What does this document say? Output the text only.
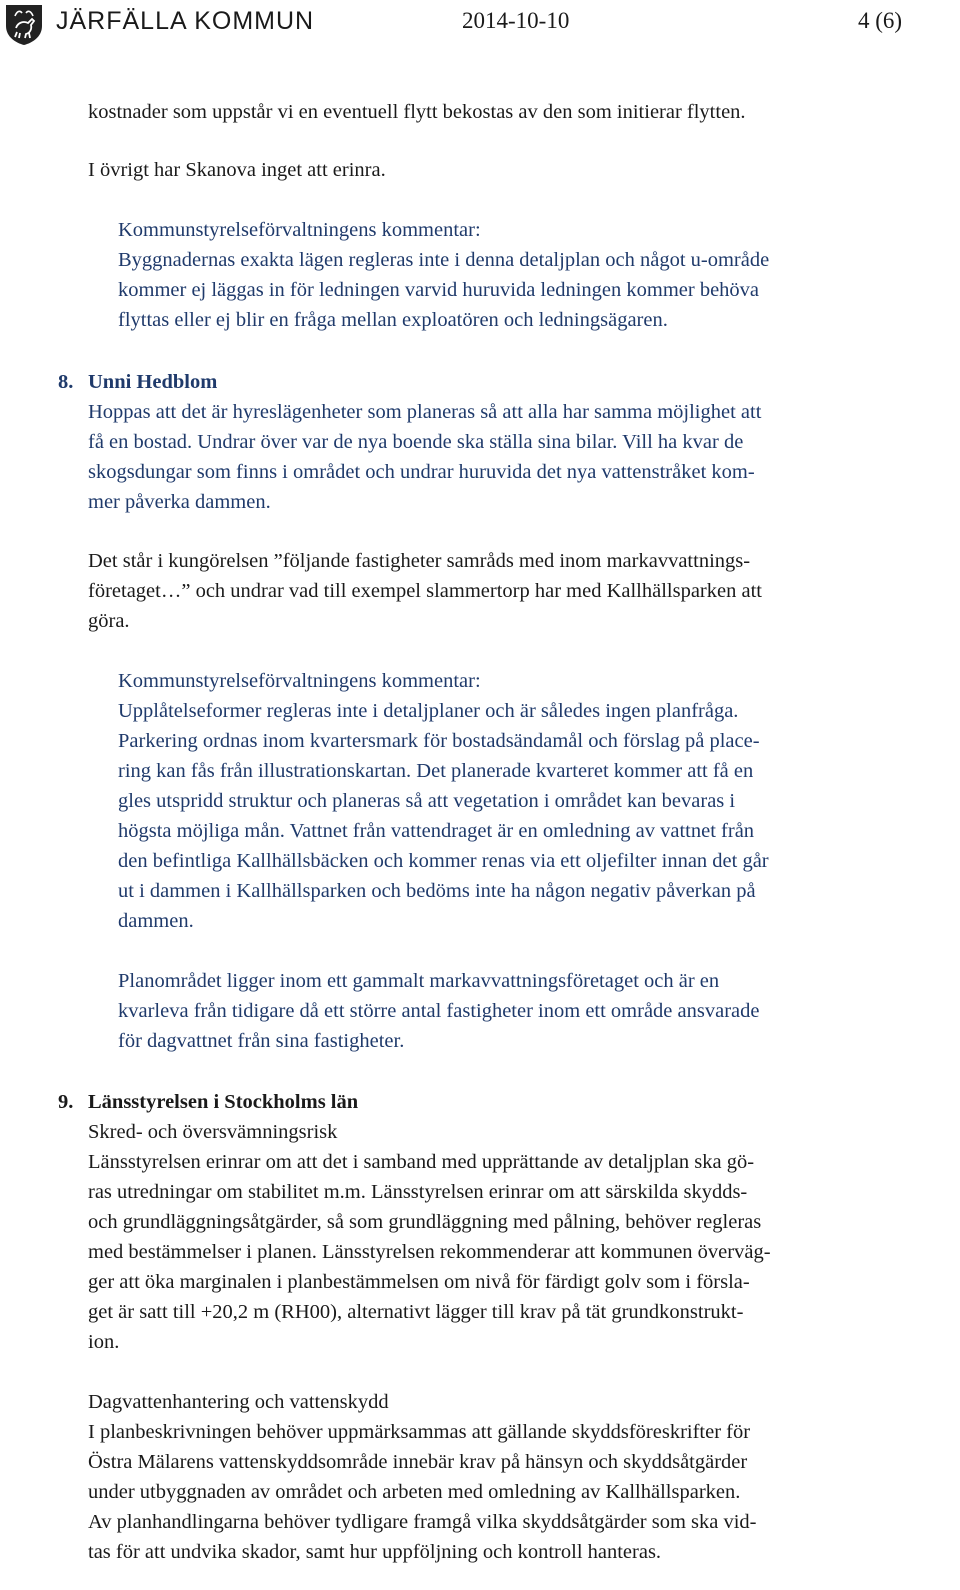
JÄRFÄLLA KOMMUN	2014-10-10	4 (6)
kostnader som uppstår vi en eventuell flytt bekostas av den som initierar flytten.
I övrigt har Skanova inget att erinra.
Kommunstyrelseförvaltningens kommentar:
Byggnadernas exakta lägen regleras inte i denna detaljplan och något u-område
kommer ej läggas in för ledningen varvid huruvida ledningen kommer behöva
flyttas eller ej blir en fråga mellan exploatören och ledningsägaren.
8. Unni Hedblom
Hoppas att det är hyreslägenheter som planeras så att alla har samma möjlighet att
få en bostad. Undrar över var de nya boende ska ställa sina bilar. Vill ha kvar de
skogsdungar som finns i området och undrar huruvida det nya vattenstråket kom-
mer påverka dammen.
Det står i kungörelsen ”följande fastigheter samråds med inom markavvattnings-
företaget…” och undrar vad till exempel slammertorp har med Kallhällsparken att
göra.
Kommunstyrelseförvaltningens kommentar:
Upplåtelseformer regleras inte i detaljplaner och är således ingen planfråga.
Parkering ordnas inom kvartersmark för bostadsändamål och förslag på place-
ring kan fås från illustrationskartan. Det planerade kvarteret kommer att få en
gles utspridd struktur och planeras så att vegetation i området kan bevaras i
högsta möjliga mån. Vattnet från vattendraget är en omledning av vattnet från
den befintliga Kallhällsbäcken och kommer renas via ett oljefilter innan det går
ut i dammen i Kallhällsparken och bedöms inte ha någon negativ påverkan på
dammen.
Planområdet ligger inom ett gammalt markavvattningsföretaget och är en
kvarleva från tidigare då ett större antal fastigheter inom ett område ansvarade
för dagvattnet från sina fastigheter.
9. Länsstyrelsen i Stockholms län
Skred- och översvämningsrisk
Länsstyrelsen erinrar om att det i samband med upprättande av detaljplan ska gö-
ras utredningar om stabilitet m.m. Länsstyrelsen erinrar om att särskilda skydds-
och grundläggningsåtgärder, så som grundläggning med pålning, behöver regleras
med bestämmelser i planen. Länsstyrelsen rekommenderar att kommunen överväg-
ger att öka marginalen i planbestämmelsen om nivå för färdigt golv som i försla-
get är satt till +20,2 m (RH00), alternativt lägger till krav på tät grundkonstrukt-
ion.
Dagvattenhantering och vattenskydd
I planbeskrivningen behöver uppmärksammas att gällande skyddsföreskrifter för
Östra Mälarens vattenskyddsområde innebär krav på hänsyn och skyddsåtgärder
under utbyggnaden av området och arbeten med omledning av Kallhällsparken.
Av planhandlingarna behöver tydligare framgå vilka skyddsåtgärder som ska vid-
tas för att undvika skador, samt hur uppföljning och kontroll hanteras.
